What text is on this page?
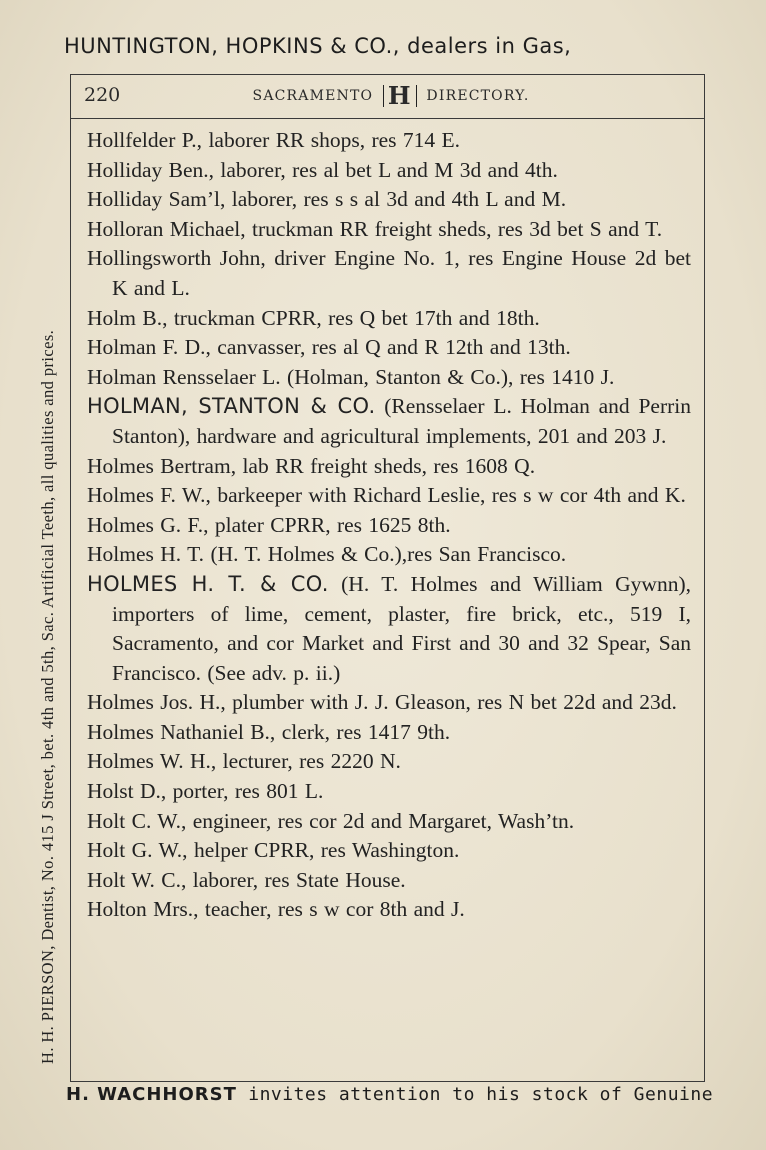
HUNTINGTON, HOPKINS & CO., dealers in Gas,
H. H. PIERSON, Dentist, No. 415 J Street, bet. 4th and 5th, Sac. Artificial Teeth, all qualities and prices.
220	SACRAMENTO H DIRECTORY.
Hollfelder P., laborer RR shops, res 714 E.
Holliday Ben., laborer, res al bet L and M 3d and 4th.
Holliday Sam’l, laborer, res s s al 3d and 4th L and M.
Holloran Michael, truckman RR freight sheds, res 3d bet S and T.
Hollingsworth John, driver Engine No. 1, res Engine House 2d bet K and L.
Holm B., truckman CPRR, res Q bet 17th and 18th.
Holman F. D., canvasser, res al Q and R 12th and 13th.
Holman Rensselaer L. (Holman, Stanton & Co.), res 1410 J.
HOLMAN, STANTON & CO. (Rensselaer L. Holman and Perrin Stanton), hardware and agricultural implements, 201 and 203 J.
Holmes Bertram, lab RR freight sheds, res 1608 Q.
Holmes F. W., barkeeper with Richard Leslie, res s w cor 4th and K.
Holmes G. F., plater CPRR, res 1625 8th.
Holmes H. T. (H. T. Holmes & Co.),res San Francisco.
HOLMES H. T. & CO. (H. T. Holmes and William Gywnn), importers of lime, cement, plaster, fire brick, etc., 519 I, Sacramento, and cor Market and First and 30 and 32 Spear, San Francisco. (See adv. p. ii.)
Holmes Jos. H., plumber with J. J. Gleason, res N bet 22d and 23d.
Holmes Nathaniel B., clerk, res 1417 9th.
Holmes W. H., lecturer, res 2220 N.
Holst D., porter, res 801 L.
Holt C. W., engineer, res cor 2d and Margaret, Wash’tn.
Holt G. W., helper CPRR, res Washington.
Holt W. C., laborer, res State House.
Holton Mrs., teacher, res s w cor 8th and J.
H. WACHHORST invites attention to his stock of Genuine
